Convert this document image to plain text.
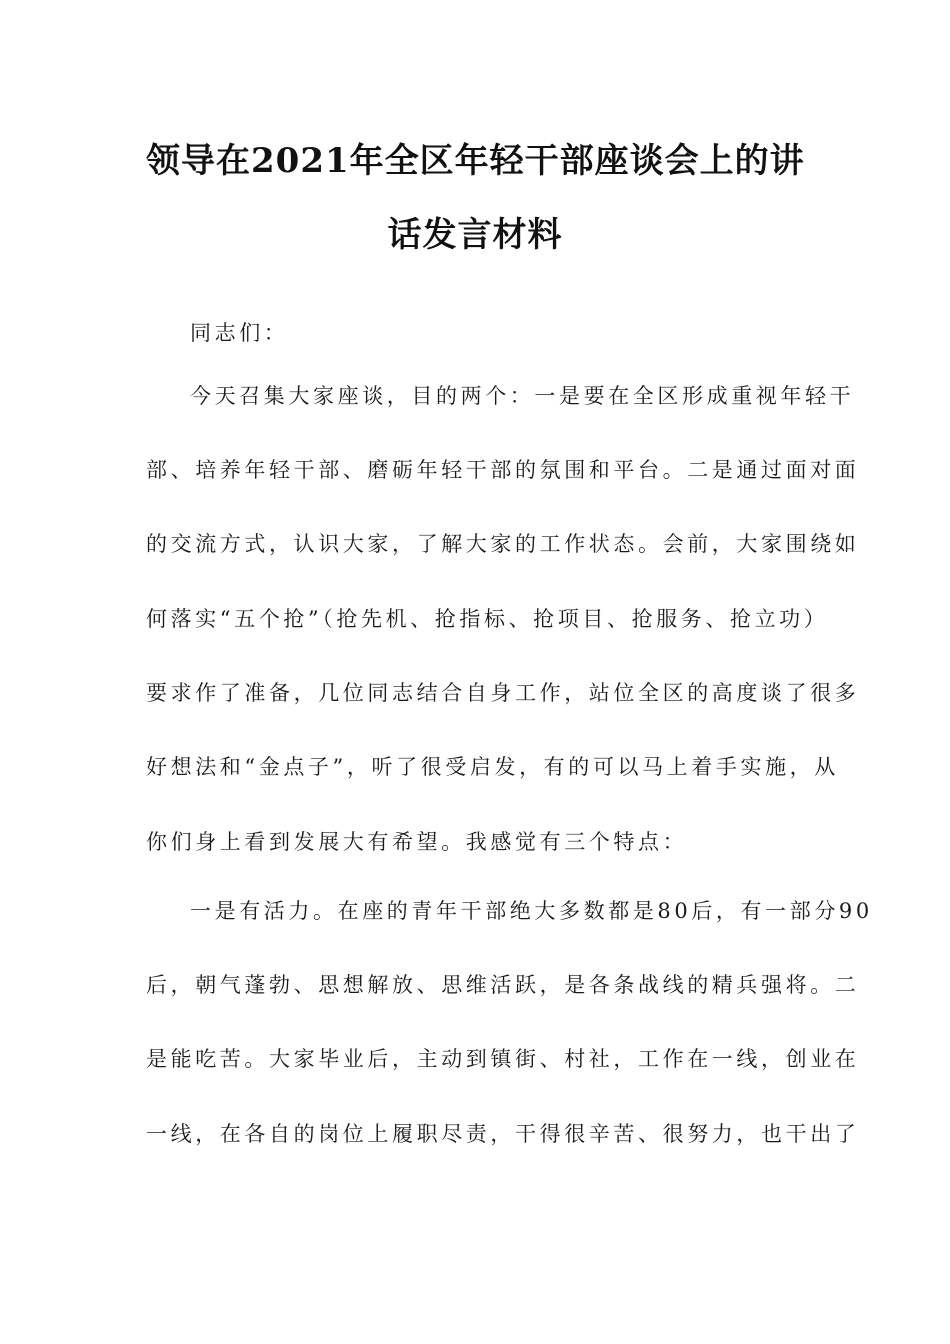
领导在2021年全区年轻干部座谈会上的讲
话发言材料
同志们：
今天召集大家座谈，目的两个：一是要在全区形成重视年轻干
部、培养年轻干部、磨砺年轻干部的氛围和平台。二是通过面对面
的交流方式，认识大家，了解大家的工作状态。会前，大家围绕如
何落实“五个抢”（抢先机、抢指标、抢项目、抢服务、抢立功）
要求作了准备，几位同志结合自身工作，站位全区的高度谈了很多
好想法和“金点子”，听了很受启发，有的可以马上着手实施，从
你们身上看到发展大有希望。我感觉有三个特点：
一是有活力。在座的青年干部绝大多数都是80后，有一部分90
后，朝气蓬勃、思想解放、思维活跃，是各条战线的精兵强将。二
是能吃苦。大家毕业后，主动到镇街、村社，工作在一线，创业在
一线，在各自的岗位上履职尽责，干得很辛苦、很努力，也干出了
